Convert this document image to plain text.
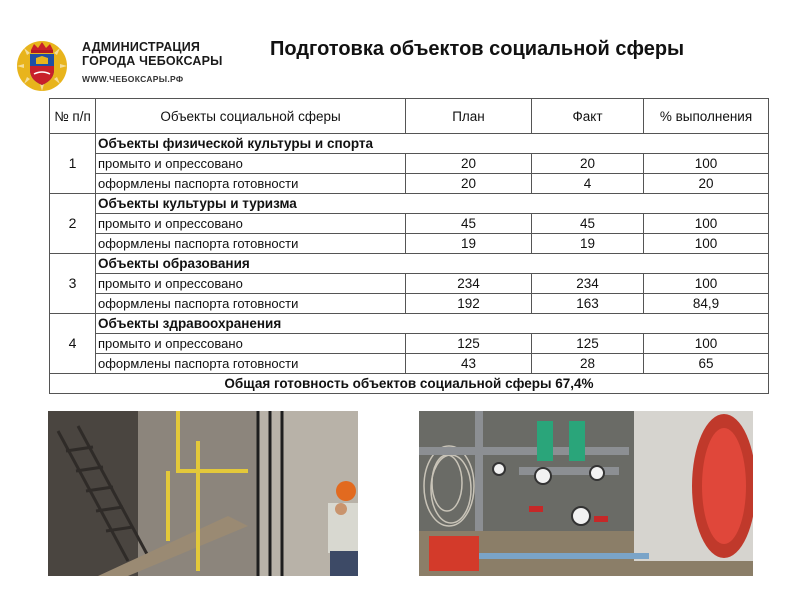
АДМИНИСТРАЦИЯ
ГОРОДА ЧЕБОКСАРЫ
WWW.ЧЕБОКСАРЫ.РФ
Подготовка объектов социальной сферы
№ п/п	Объекты социальной сферы	План	Факт	% выполнения
1	Объекты физической культуры и спорта			
	промыто и опрессовано	20	20	100
	оформлены паспорта готовности	20	4	20
2	Объекты культуры и туризма			
	промыто и опрессовано	45	45	100
	оформлены паспорта готовности	19	19	100
3	Объекты образования			
	промыто и опрессовано	234	234	100
	оформлены паспорта готовности	192	163	84,9
4	Объекты здравоохранения			
	промыто и опрессовано	125	125	100
	оформлены паспорта готовности	43	28	65
Общая готовность объектов социальной сферы 67,4%				
